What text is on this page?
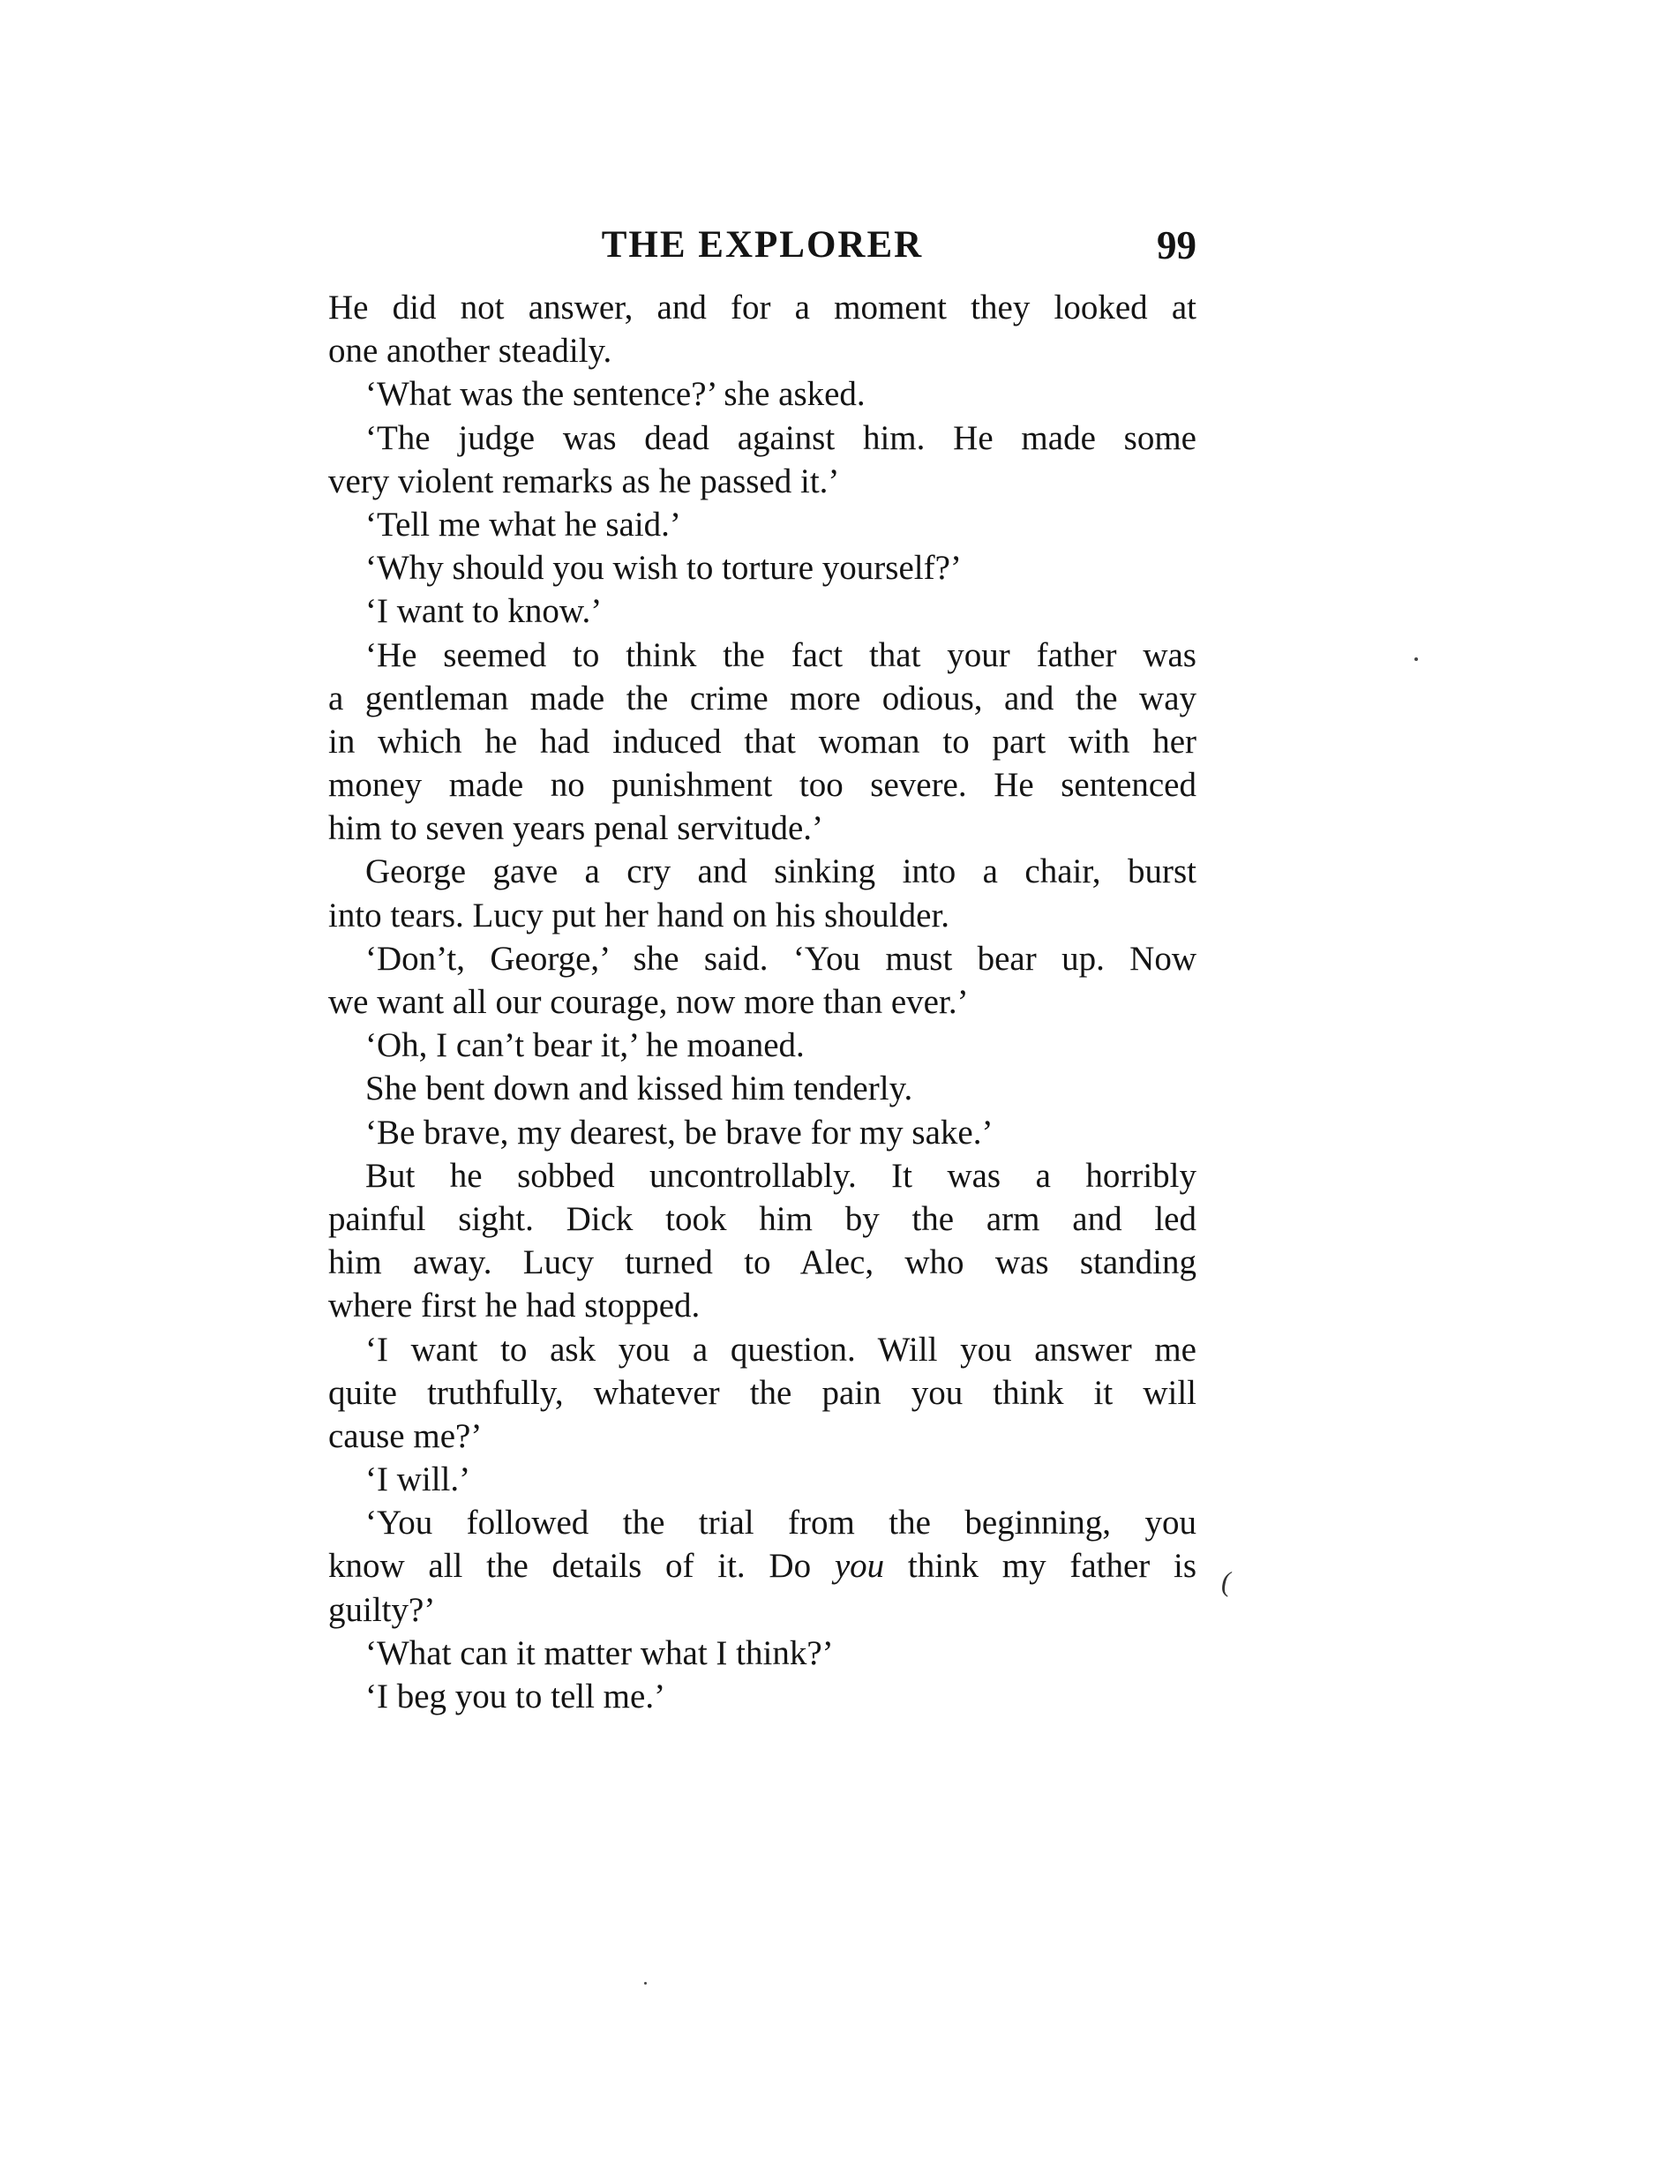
THE EXPLORER	99
He did not answer, and for a moment they looked at
one another steadily.
‘What was the sentence?’ she asked.
‘The judge was dead against him. He made some
very violent remarks as he passed it.’
‘Tell me what he said.’
‘Why should you wish to torture yourself?’
‘I want to know.’
‘He seemed to think the fact that your father was
a gentleman made the crime more odious, and the way
in which he had induced that woman to part with her
money made no punishment too severe. He sentenced
him to seven years penal servitude.’
George gave a cry and sinking into a chair, burst
into tears. Lucy put her hand on his shoulder.
‘Don’t, George,’ she said. ‘You must bear up. Now
we want all our courage, now more than ever.’
‘Oh, I can’t bear it,’ he moaned.
She bent down and kissed him tenderly.
‘Be brave, my dearest, be brave for my sake.’
But he sobbed uncontrollably. It was a horribly
painful sight. Dick took him by the arm and led
him away. Lucy turned to Alec, who was standing
where first he had stopped.
‘I want to ask you a question. Will you answer me
quite truthfully, whatever the pain you think it will
cause me?’
‘I will.’
‘You followed the trial from the beginning, you
know all the details of it. Do you think my father is
guilty?’
‘What can it matter what I think?’
‘I beg you to tell me.’
(
